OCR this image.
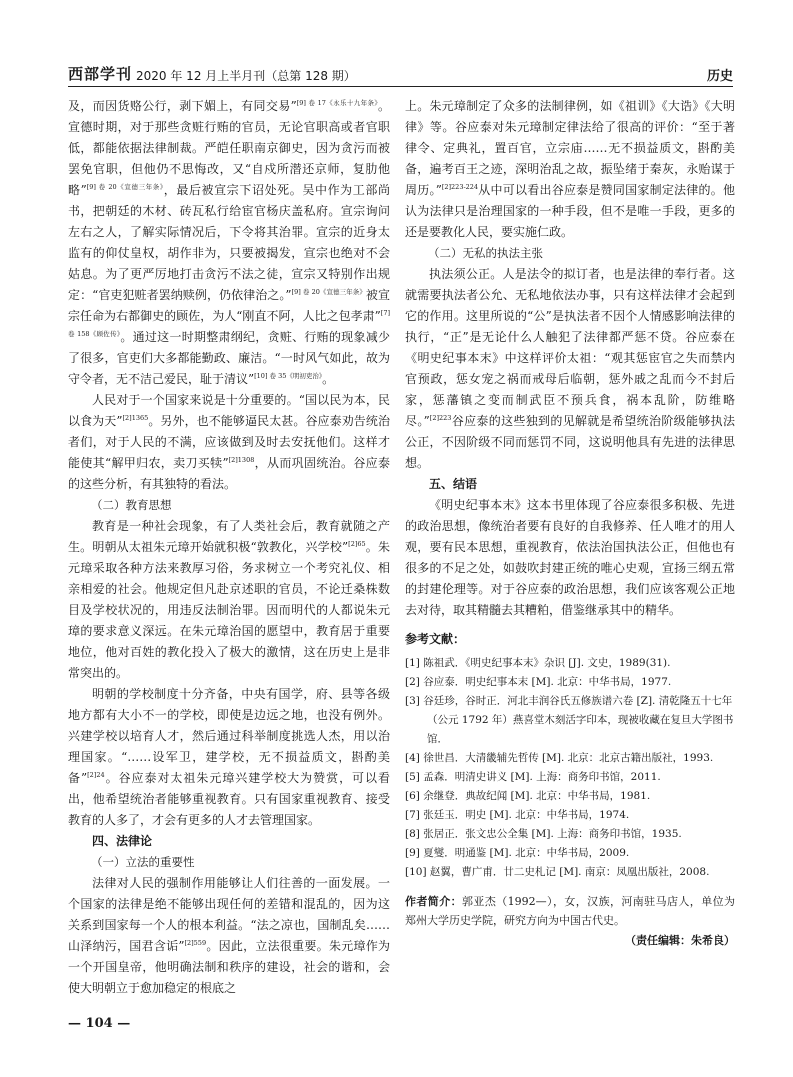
西部学刊 2020 年 12 月上半月刊（总第 128 期）	历史

及，而因货赂公行，剥下媚上，有同交易”$^{[9] 卷 17《永乐十九年条》}$。宣德时期，对于那些贪赃行贿的官员，无论官职高或者官职低，都能依据法律制裁。严皑任职南京御史，因为贪污而被罢免官职，但他仍不思悔改，又“自戍所潜还京师，复肋他略”$^{[9] 卷 20《宣德三年条》}$，最后被宣宗下诏处死。吴中作为工部尚书，把朝廷的木材、砖瓦私行给宦官杨庆盖私府。宣宗询问左右之人，了解实际情况后，下令将其治罪。宣宗的近身太监有的仰仗皇权，胡作非为，只要被揭发，宣宗也绝对不会姑息。为了更严厉地打击贪污不法之徒，宣宗又特别作出规定：“官吏犯赃者罢纳赎例，仍依律治之。”$^{[9] 卷 20《宣德三年条》}$被宣宗任命为右都御史的顾佐，为人“刚直不阿，人比之包孝肃”$^{[7] 卷 158《顾佐传》}$。通过这一时期整肃纲纪，贪赃、行贿的现象减少了很多，官吏们大多都能勤政、廉洁。“一时风气如此，故为守令者，无不洁己爱民，耻于清议”$^{[10] 卷 35《明初吏治》}$。

人民对于一个国家来说是十分重要的。“国以民为本，民以食为天”$^{[2]1365}$。另外，也不能够逼民太甚。谷应泰劝告统治者们，对于人民的不满，应该做到及时去安抚他们。这样才能使其“解甲归农，卖刀买犊”$^{[2]1308}$，从而巩固统治。谷应泰的这些分析，有其独特的看法。

（二）教育思想

教育是一种社会现象，有了人类社会后，教育就随之产生。明朝从太祖朱元璋开始就积极“敦教化，兴学校”$^{[2]65}$。朱元璋采取各种方法来教厚习俗，务求树立一个考究礼仪、相亲相爱的社会。他规定但凡赴京述职的官员，不论迁桑株数目及学校状况的，用违反法制治罪。因而明代的人都说朱元璋的要求意义深远。在朱元璋治国的愿望中，教育居于重要地位，他对百姓的教化投入了极大的激情，这在历史上是非常突出的。

明朝的学校制度十分齐备，中央有国学，府、县等各级地方都有大小不一的学校，即使是边远之地，也没有例外。兴建学校以培育人才，然后通过科举制度挑选人杰，用以治理国家。“……设军卫，建学校，无不损益质文，斟酌美备”$^{[2]24}$。谷应泰对太祖朱元璋兴建学校大为赞赏，可以看出，他希望统治者能够重视教育。只有国家重视教育、接受教育的人多了，才会有更多的人才去管理国家。

四、法律论

（一）立法的重要性

法律对人民的强制作用能够让人们往善的一面发展。一个国家的法律是绝不能够出现任何的差错和混乱的，因为这关系到国家每一个人的根本利益。“法之凉也，国制乱矣……山泽纳污，国君含诟”$^{[2]559}$。因此，立法很重要。朱元璋作为一个开国皇帝，他明确法制和秩序的建设，社会的谐和，会使大明朝立于愈加稳定的根底之

上。朱元璋制定了众多的法制律例，如《祖训》《大诰》《大明律》等。谷应泰对朱元璋制定律法给了很高的评价：“至于著律令、定典礼，置百官，立宗庙……无不损益质文，斟酌美备，遍考百王之迹，深明治乱之故，振坠绪于秦灰，永贻谋于周历。”$^{[2]223-224}$从中可以看出谷应泰是赞同国家制定法律的。他认为法律只是治理国家的一种手段，但不是唯一手段，更多的还是要教化人民，要实施仁政。

（二）无私的执法主张

执法须公正。人是法令的拟订者，也是法律的奉行者。这就需要执法者公允、无私地依法办事，只有这样法律才会起到它的作用。这里所说的“公”是执法者不因个人情感影响法律的执行，“正”是无论什么人触犯了法律都严惩不贷。谷应泰在《明史纪事本末》中这样评价太祖：“观其惩宦官之失而禁内官预政，惩女宠之祸而戒母后临朝，惩外戚之乱而今不封后家，惩藩镇之变而制武臣不预兵食，祸本乱阶，防维略尽。”$^{[2]223}$谷应泰的这些独到的见解就是希望统治阶级能够执法公正，不因阶级不同而惩罚不同，这说明他具有先进的法律思想。

五、结语

《明史纪事本末》这本书里体现了谷应泰很多积极、先进的政治思想，像统治者要有良好的自我修养、任人唯才的用人观，要有民本思想，重视教育，依法治国执法公正，但他也有很多的不足之处，如鼓吹封建正统的唯心史观，宣扬三纲五常的封建伦理等。对于谷应泰的政治思想，我们应该客观公正地去对待，取其精髓去其糟粕，借鉴继承其中的精华。

参考文献：
[1] 陈祖武．《明史纪事本末》杂识 [J]. 文史，1989(31).
[2] 谷应泰．明史纪事本末 [M]. 北京：中华书局，1977.
[3] 谷廷珍，谷时正．河北丰润谷氏五修族谱六卷 [Z]. 清乾隆五十七年（公元 1792 年）燕喜堂木刻活字印本，现被收藏在复旦大学图书馆．
[4] 徐世昌．大清畿辅先哲传 [M]. 北京：北京古籍出版社，1993.
[5] 孟森．明清史讲义 [M]. 上海：商务印书馆，2011.
[6] 余继登．典故纪闻 [M]. 北京：中华书局，1981.
[7] 张廷玉．明史 [M]. 北京：中华书局，1974.
[8] 张居正．张文忠公全集 [M]. 上海：商务印书馆，1935.
[9] 夏燮．明通鉴 [M]. 北京：中华书局，2009.
[10] 赵翼，曹广甫．廿二史札记 [M]. 南京：凤凰出版社，2008.
作者简介：郭亚杰（1992—），女，汉族，河南驻马店人，单位为郑州大学历史学院，研究方向为中国古代史。
（责任编辑：朱希良）
— 104 —
